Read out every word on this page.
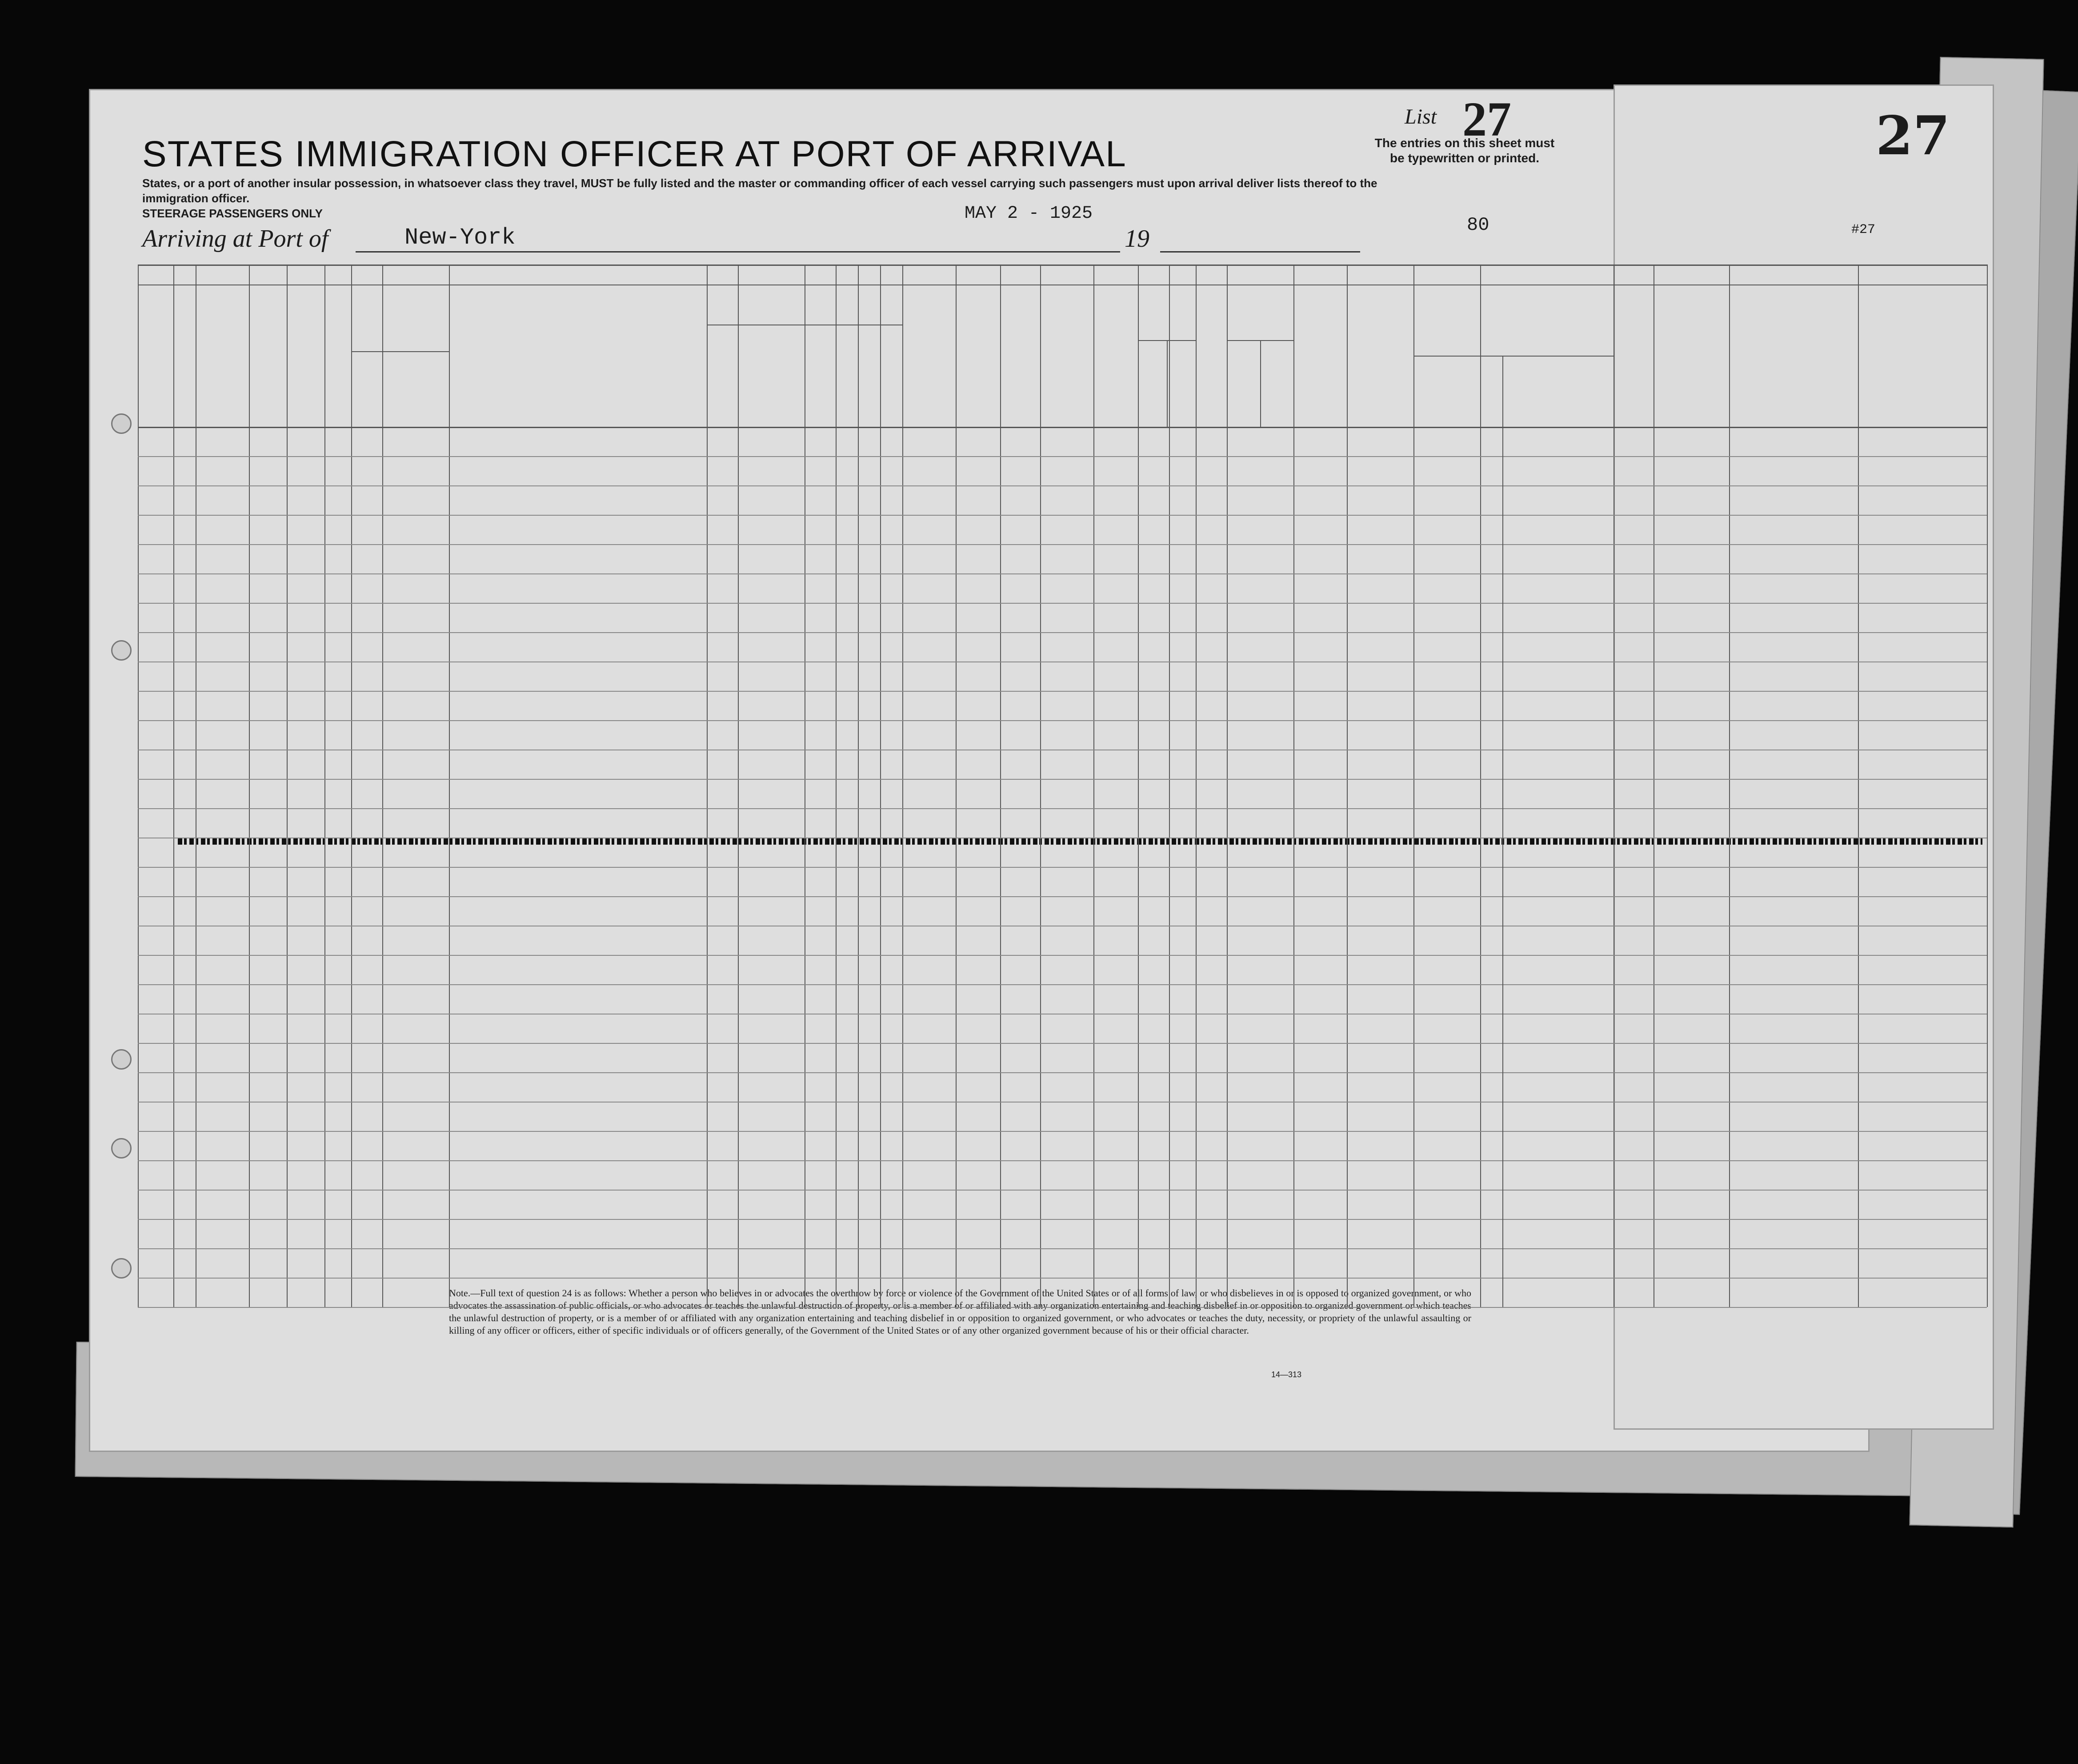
STATES IMMIGRATION OFFICER AT PORT OF ARRIVAL
List 27
The entries on this sheet must be typewritten or printed.	27
States, or a port of another insular possession, in whatsoever class they travel, MUST be fully listed and the master or commanding officer of each vessel carrying such passengers must upon arrival deliver lists thereof to the immigration officer.
STEERAGE PASSENGERS ONLY	MAY 2 - 1925
80	#27
Arriving at Port of	New-York	19
Note.—Full text of question 24 is as follows: Whether a person who believes in or advocates the overthrow by force or violence of the Government of the United States or of all forms of law, or who disbelieves in or is opposed to organized government, or who advocates the assassination of public officials, or who advocates or teaches the unlawful destruction of property, or is a member of or affiliated with any organization entertaining and teaching disbelief in or opposition to organized government or which teaches the unlawful destruction of property, or is a member of or affiliated with any organization entertaining and teaching disbelief in or opposition to organized government, or who advocates or teaches the duty, necessity, or propriety of the unlawful assaulting or killing of any officer or officers, either of specific individuals or of officers generally, of the Government of the United States or of any other organized government because of his or their official character.
14—313
